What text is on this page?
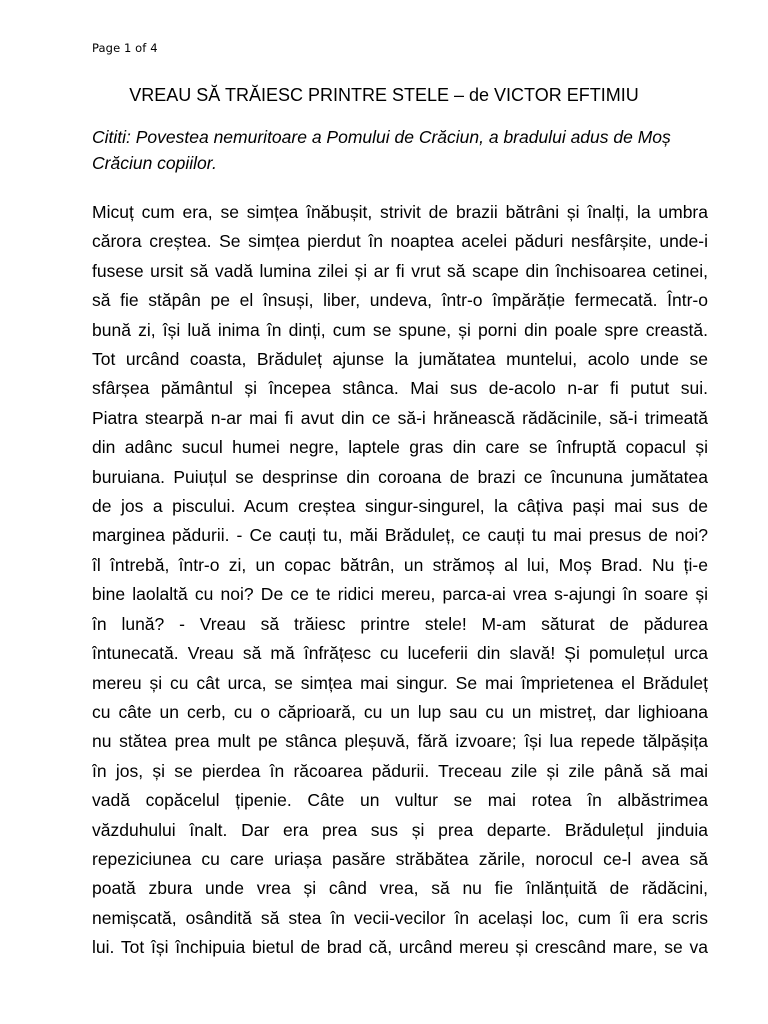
Page 1 of 4
VREAU SĂ TRĂIESC PRINTRE STELE – de VICTOR EFTIMIU
Cititi: Povestea nemuritoare a Pomului de Crăciun, a bradului adus de Moș
Crăciun copiilor.
Micuț cum era, se simțea înăbușit, strivit de brazii bătrâni și înalți, la umbra
cărora creștea. Se simțea pierdut în noaptea acelei păduri nesfârșite, unde-i
fusese ursit să vadă lumina zilei și ar fi vrut să scape din închisoarea cetinei,
să fie stăpân pe el însuși, liber, undeva, într-o împărăție fermecată. Într-o
bună zi, își luă inima în dinți, cum se spune, și porni din poale spre creastă.
Tot urcând coasta, Brăduleț ajunse la jumătatea muntelui, acolo unde se
sfârșea pământul și începea stânca. Mai sus de-acolo n-ar fi putut sui.
Piatra stearpă n-ar mai fi avut din ce să-i hrănească rădăcinile, să-i trimeată
din adânc sucul humei negre, laptele gras din care se înfruptă copacul și
buruiana. Puiuțul se desprinse din coroana de brazi ce încununa jumătatea
de jos a piscului. Acum creștea singur-singurel, la câțiva pași mai sus de
marginea pădurii. - Ce cauți tu, măi Brăduleț, ce cauți tu mai presus de noi?
îl întrebă, într-o zi, un copac bătrân, un strămoș al lui, Moș Brad. Nu ți-e
bine laolaltă cu noi? De ce te ridici mereu, parca-ai vrea s-ajungi în soare și
în lună? - Vreau să trăiesc printre stele! M-am săturat de pădurea
întunecată. Vreau să mă înfrățesc cu luceferii din slavă! Și pomulețul urca
mereu și cu cât urca, se simțea mai singur. Se mai împrietenea el Brăduleț
cu câte un cerb, cu o căprioară, cu un lup sau cu un mistreț, dar lighioana
nu stătea prea mult pe stânca pleșuvă, fără izvoare; își lua repede tălpășița
în jos, și se pierdea în răcoarea pădurii. Treceau zile și zile până să mai
vadă copăcelul țipenie. Câte un vultur se mai rotea în albăstrimea
văzduhului înalt. Dar era prea sus și prea departe. Brădulețul jinduia
repeziciunea cu care uriașa pasăre străbătea zările, norocul ce-l avea să
poată zbura unde vrea și când vrea, să nu fie înlănțuită de rădăcini,
nemișcată, osândită să stea în vecii-vecilor în același loc, cum îi era scris
lui. Tot își închipuia bietul de brad că, urcând mereu și crescând mare, se va
